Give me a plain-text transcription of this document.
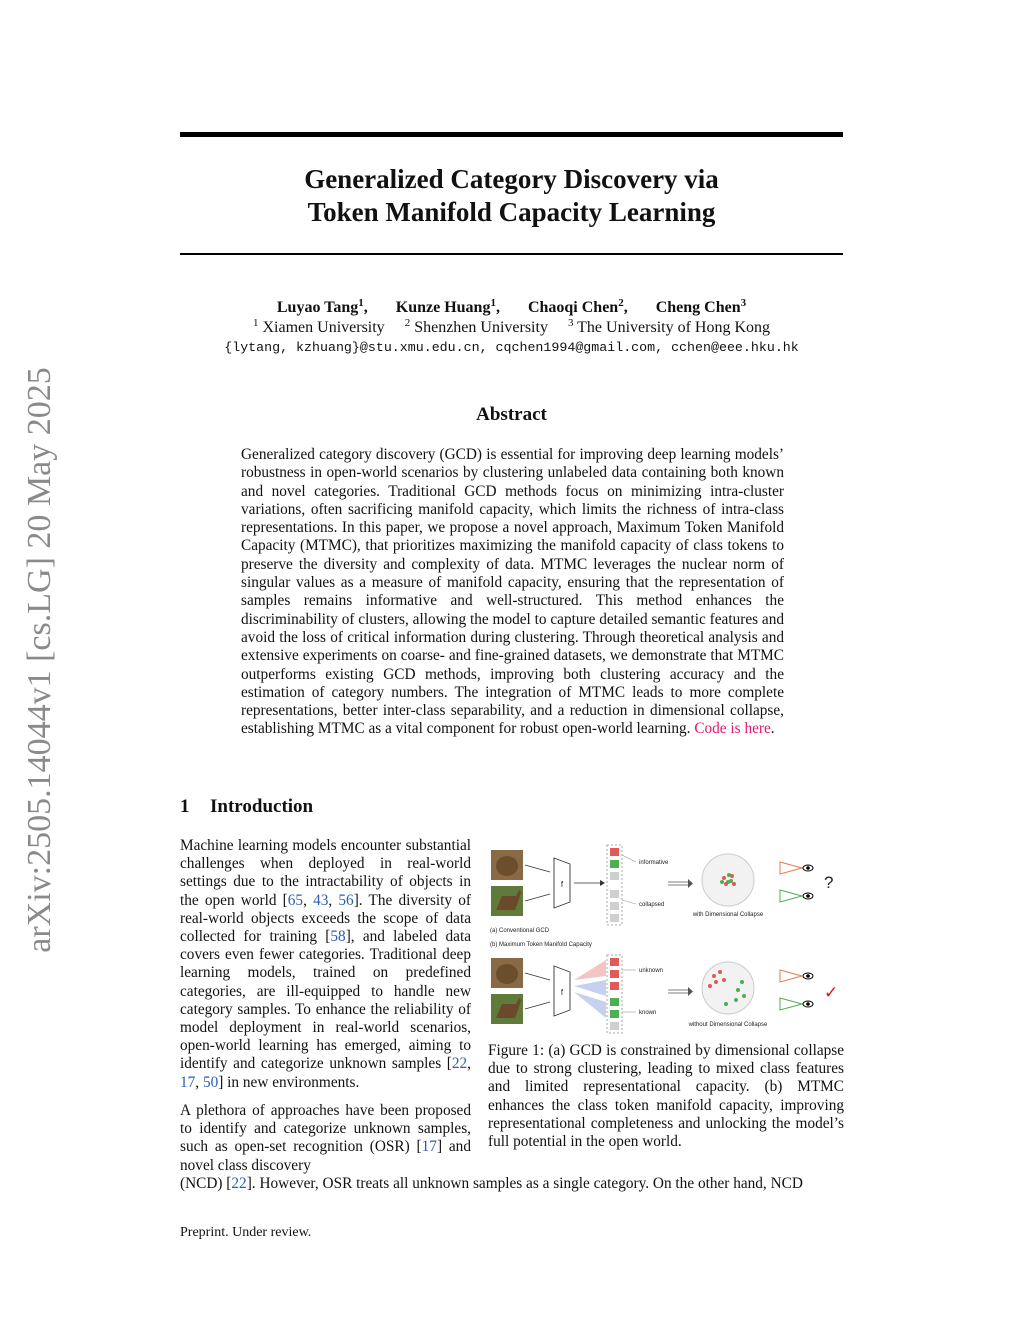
arXiv:2505.14044v1 [cs.LG] 20 May 2025
Generalized Category Discovery via
Token Manifold Capacity Learning
Luyao Tang$^1$, Kunze Huang$^1$, Chaoqi Chen$^2$, Cheng Chen$^3$
$^1$ Xiamen University $^2$ Shenzhen University $^3$ The University of Hong Kong
{lytang, kzhuang}@stu.xmu.edu.cn, cqchen1994@gmail.com, cchen@eee.hku.hk
Abstract
Generalized category discovery (GCD) is essential for improving deep learning models’ robustness in open-world scenarios by clustering unlabeled data containing both known and novel categories. Traditional GCD methods focus on minimizing intra-cluster variations, often sacrificing manifold capacity, which limits the richness of intra-class representations. In this paper, we propose a novel approach, Maximum Token Manifold Capacity (MTMC), that prioritizes maximizing the manifold capacity of class tokens to preserve the diversity and complexity of data. MTMC leverages the nuclear norm of singular values as a measure of manifold capacity, ensuring that the representation of samples remains informative and well-structured. This method enhances the discriminability of clusters, allowing the model to capture detailed semantic features and avoid the loss of critical information during clustering. Through theoretical analysis and extensive experiments on coarse- and fine-grained datasets, we demonstrate that MTMC outperforms existing GCD methods, improving both clustering accuracy and the estimation of category numbers. The integration of MTMC leads to more complete representations, better inter-class separability, and a reduction in dimensional collapse, establishing MTMC as a vital component for robust open-world learning. Code is here.
1 Introduction
Machine learning models encounter substantial challenges when deployed in real-world settings due to the intractability of objects in the open world [65, 43, 56]. The diversity of real-world objects exceeds the scope of data collected for training [58], and labeled data covers even fewer categories. Traditional deep learning models, trained on predefined categories, are ill-equipped to handle new category samples. To enhance the reliability of model deployment in real-world scenarios, open-world learning has emerged, aiming to identify and categorize unknown samples [22, 17, 50] in new environments.
A plethora of approaches have been proposed to identify and categorize unknown samples, such as open-set recognition (OSR) [17] and novel class discovery
(NCD) [22]. However, OSR treats all unknown samples as a single category. On the other hand, NCD
f
informative
collapsed
with Dimensional Collapse
?
(a) Conventional GCD
(b) Maximum Token Manifold Capacity
f
unknown
known
without Dimensional Collapse
✓
Figure 1: (a) GCD is constrained by dimensional collapse due to strong clustering, leading to mixed class features and limited representational capacity. (b) MTMC enhances the class token manifold capacity, improving representational completeness and unlocking the model’s full potential in the open world.
Preprint. Under review.
